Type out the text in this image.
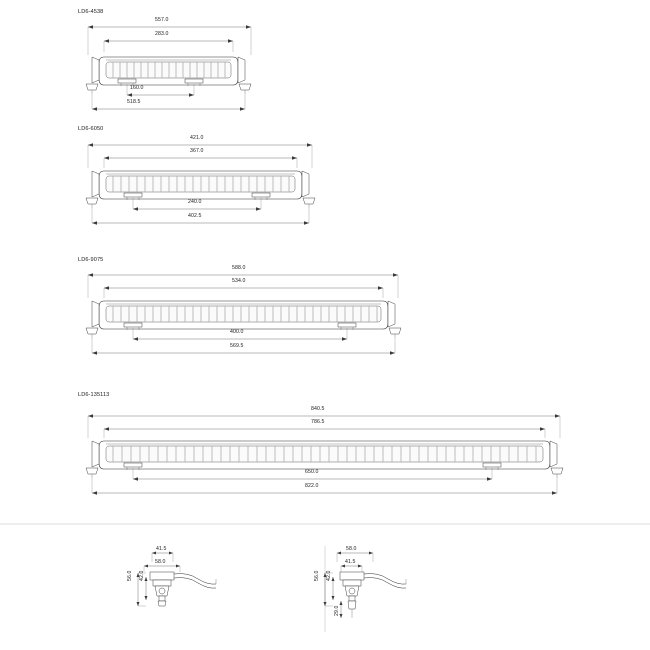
LD6-4538
557.0
283.0
160.0
518.5
LD6-6050
421.0
367.0
240.0
402.5
LD6-9075
588.0
534.0
400.0
569.5
LD6-135113
840.5
786.5
650.0
822.0
41.5
58.0
56.0 42.0
58.0
41.5
56.0 42.0
29.0
